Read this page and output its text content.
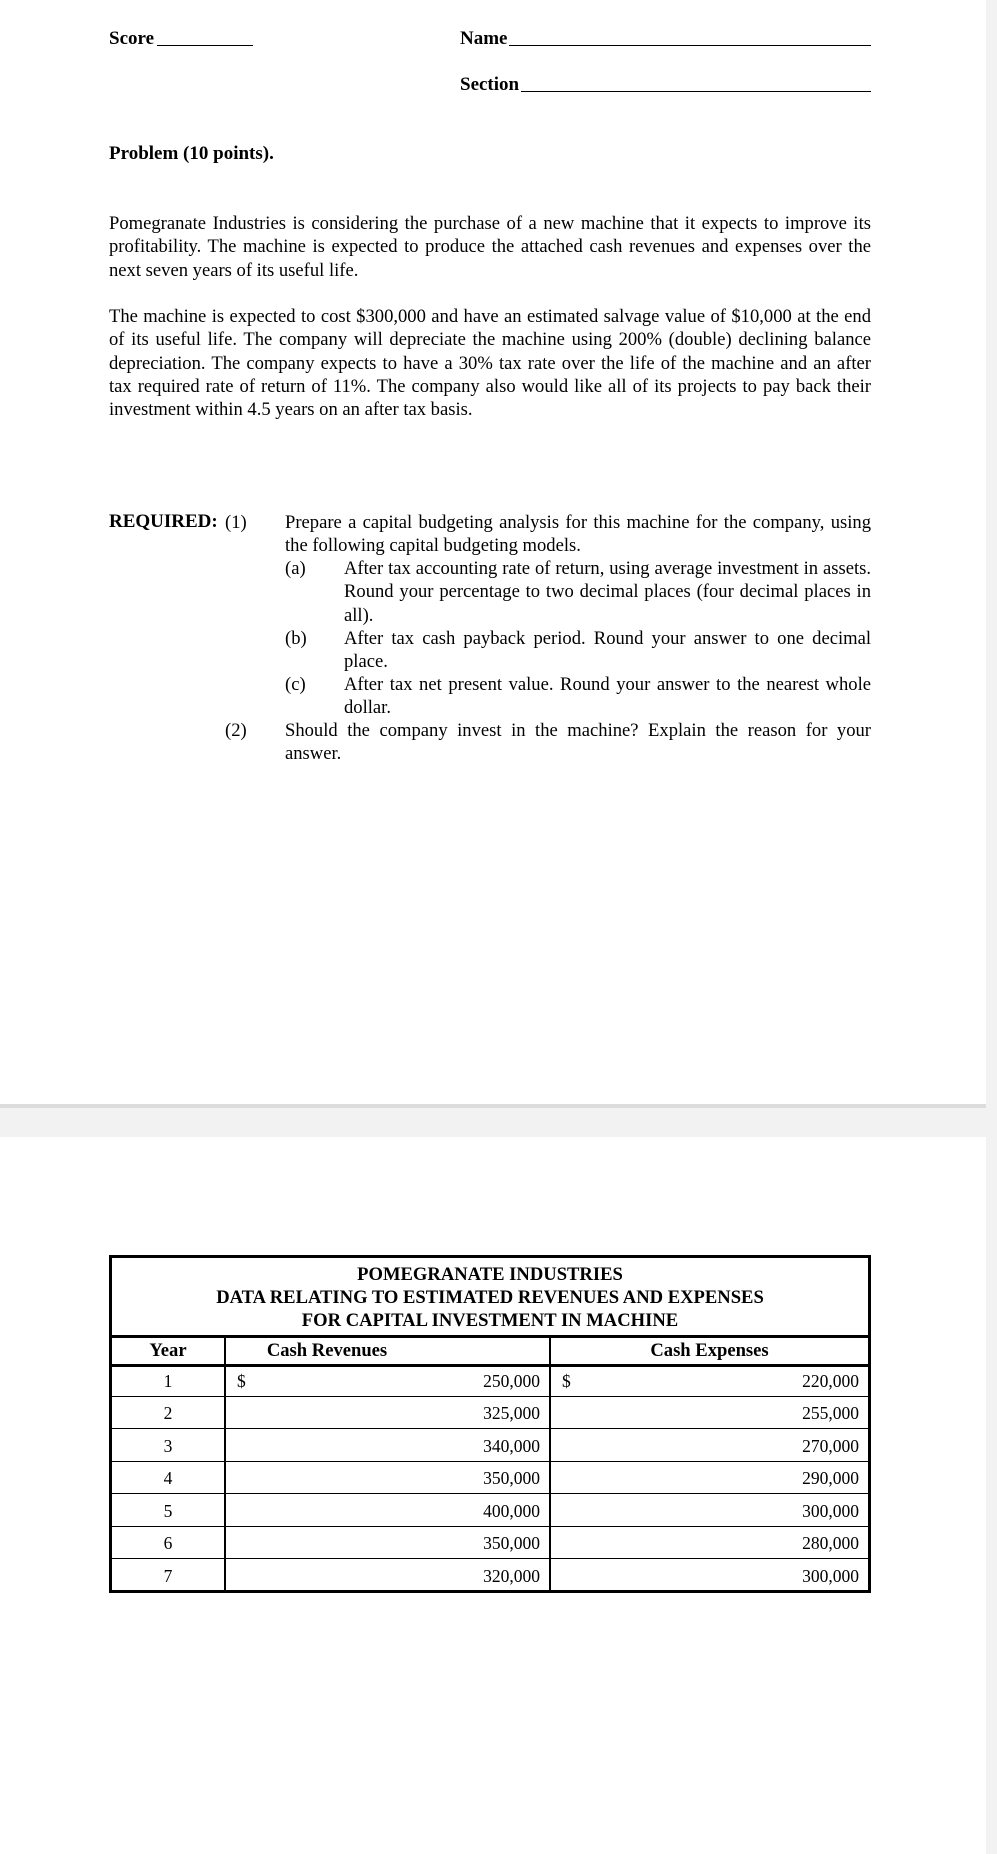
Score	Name
Section
Problem (10 points).
Pomegranate Industries is considering the purchase of a new machine that it expects to improve its profitability. The machine is expected to produce the attached cash revenues and expenses over the next seven years of its useful life.
The machine is expected to cost $300,000 and have an estimated salvage value of $10,000 at the end of its useful life. The company will depreciate the machine using 200% (double) declining balance depreciation. The company expects to have a 30% tax rate over the life of the machine and an after tax required rate of return of 11%. The company also would like all of its projects to pay back their investment within 4.5 years on an after tax basis.
REQUIRED: (1) Prepare a capital budgeting analysis for this machine for the company, using the following capital budgeting models.
(a) After tax accounting rate of return, using average investment in assets. Round your percentage to two decimal places (four decimal places in all).
(b) After tax cash payback period. Round your answer to one decimal place.
(c) After tax net present value. Round your answer to the nearest whole dollar.
(2) Should the company invest in the machine? Explain the reason for your answer.
POMEGRANATE INDUSTRIES
DATA RELATING TO ESTIMATED REVENUES AND EXPENSES
FOR CAPITAL INVESTMENT IN MACHINE
Year	Cash Revenues	Cash Expenses
$	$
1	250,000	220,000
2	325,000	255,000
3	340,000	270,000
4	350,000	290,000
5	400,000	300,000
6	350,000	280,000
7	320,000	300,000
